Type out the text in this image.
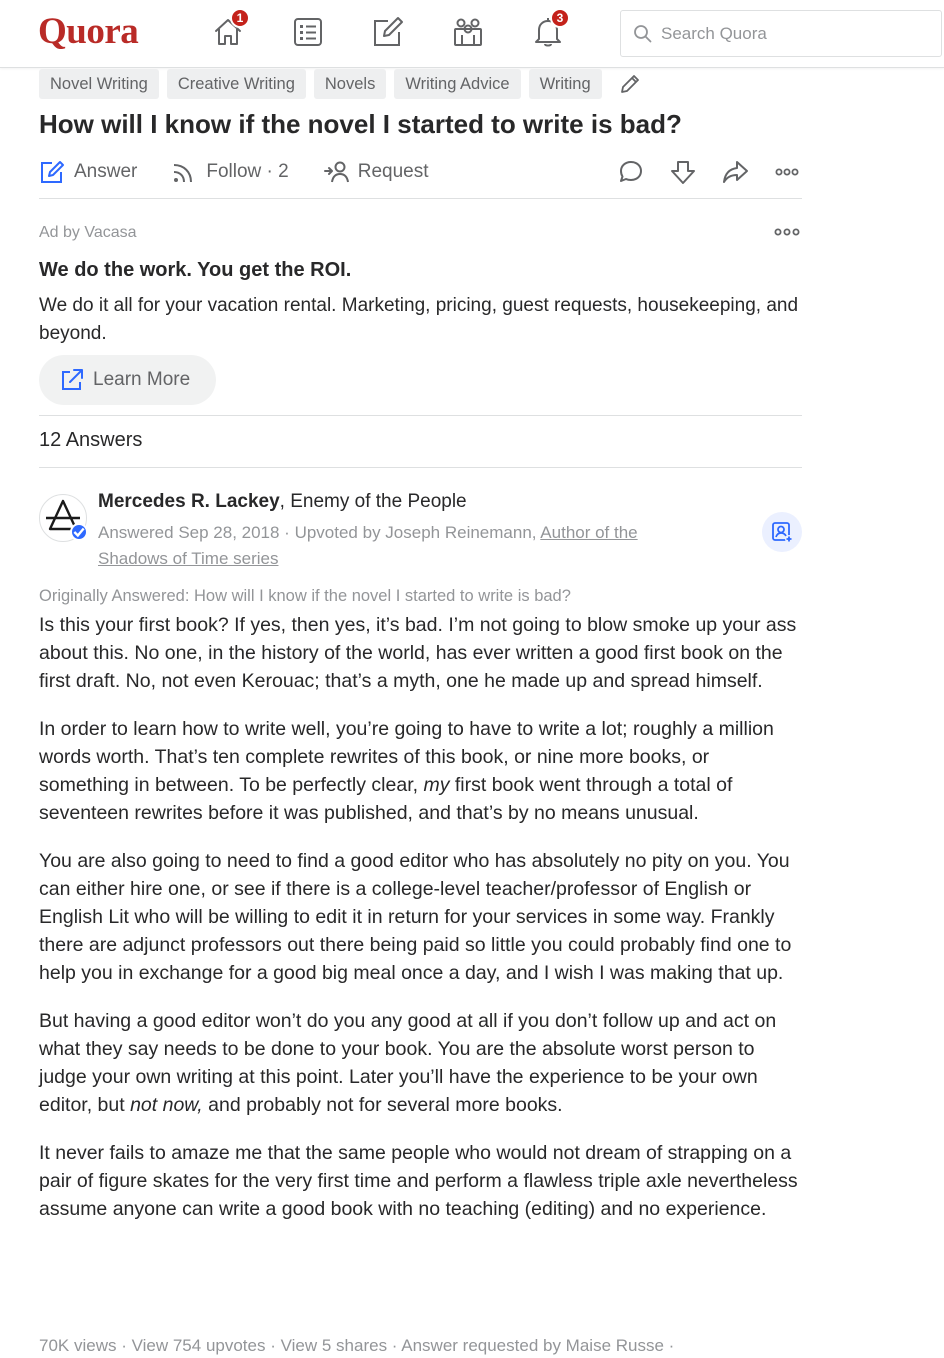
Quora	1	3
Search Quora
Novel Writing	Creative Writing	Novels	Writing Advice	Writing
How will I know if the novel I started to write is bad?
Answer	Follow
· 2	Request
Ad by Vacasa
We do the work. You get the ROI.
We do it all for your vacation rental. Marketing, pricing, guest requests, housekeeping, and beyond.
Learn More
12 Answers
Mercedes R. Lackey, Enemy of the People
Answered Sep 28, 2018 · Upvoted by Joseph Reinemann, Author of the Shadows of Time series
Originally Answered: How will I know if the novel I started to write is bad?

Is this your first book? If yes, then yes, it’s bad. I’m not going to blow smoke up your ass about this. No one, in the history of the world, has ever written a good first book on the first draft. No, not even Kerouac; that’s a myth, one he made up and spread himself.

In order to learn how to write well, you’re going to have to write a lot; roughly a million words worth. That’s ten complete rewrites of this book, or nine more books, or something in between. To be perfectly clear, my first book went through a total of seventeen rewrites before it was published, and that’s by no means unusual.

You are also going to need to find a good editor who has absolutely no pity on you. You can either hire one, or see if there is a college-level teacher/professor of English or English Lit who will be willing to edit it in return for your services in some way. Frankly there are adjunct professors out there being paid so little you could probably find one to help you in exchange for a good big meal once a day, and I wish I was making that up.

But having a good editor won’t do you any good at all if you don’t follow up and act on what they say needs to be done to your book. You are the absolute worst person to judge your own writing at this point. Later you’ll have the experience to be your own editor, but not now, and probably not for several more books.

It never fails to amaze me that the same people who would not dream of strapping on a pair of figure skates for the very first time and perform a flawless triple axle nevertheless assume anyone can write a good book with no teaching (editing) and no experience.

70K views · View 754 upvotes · View 5 shares · Answer requested by Maise Russe ·
